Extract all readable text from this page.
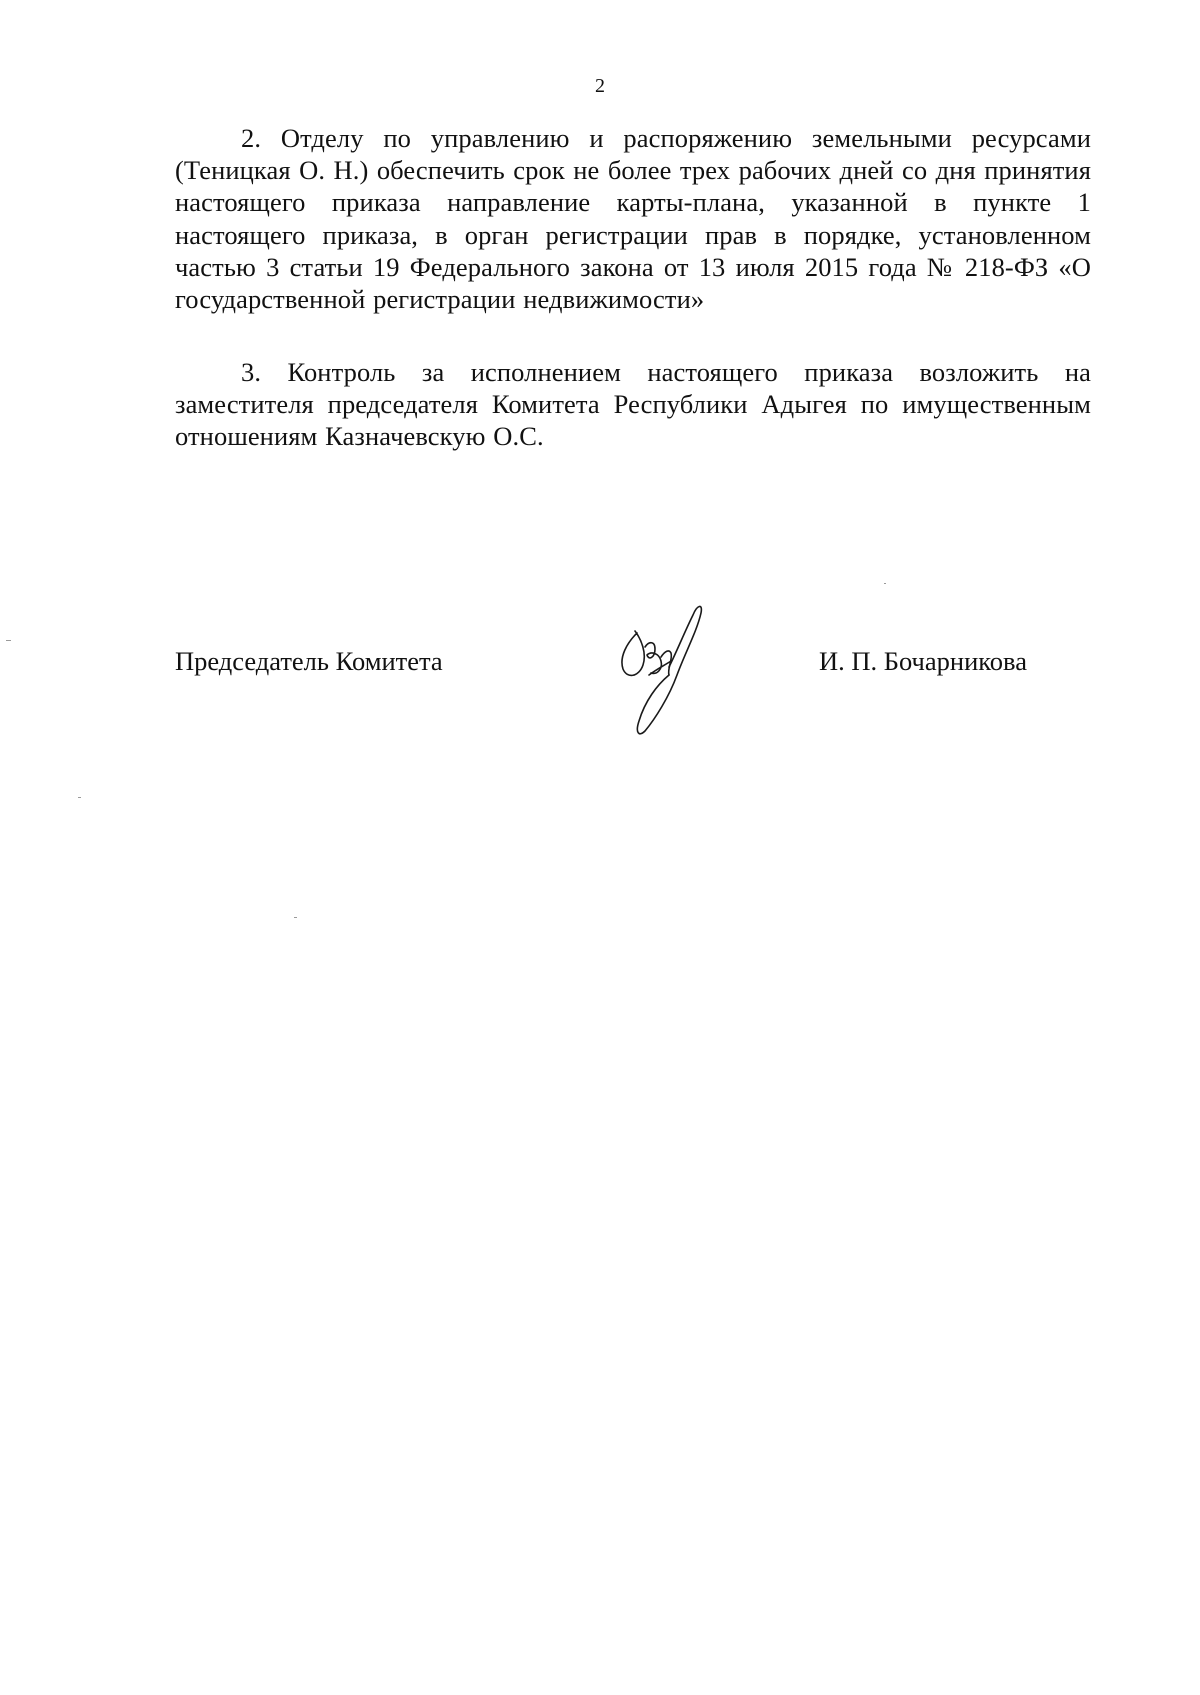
2

2. Отделу по управлению и распоряжению земельными ресурсами (Теницкая О. Н.) обеспечить срок не более трех рабочих дней со дня принятия настоящего приказа направление карты-плана, указанной в пункте 1 настоящего приказа, в орган регистрации прав в порядке, установленном частью 3 статьи 19 Федерального закона от 13 июля 2015 года № 218-ФЗ «О государственной регистрации недвижимости»

3. Контроль за исполнением настоящего приказа возложить на заместителя председателя Комитета Республики Адыгея по имущественным отношениям Казначевскую О.С.

Председатель Комитета	И. П. Бочарникова
